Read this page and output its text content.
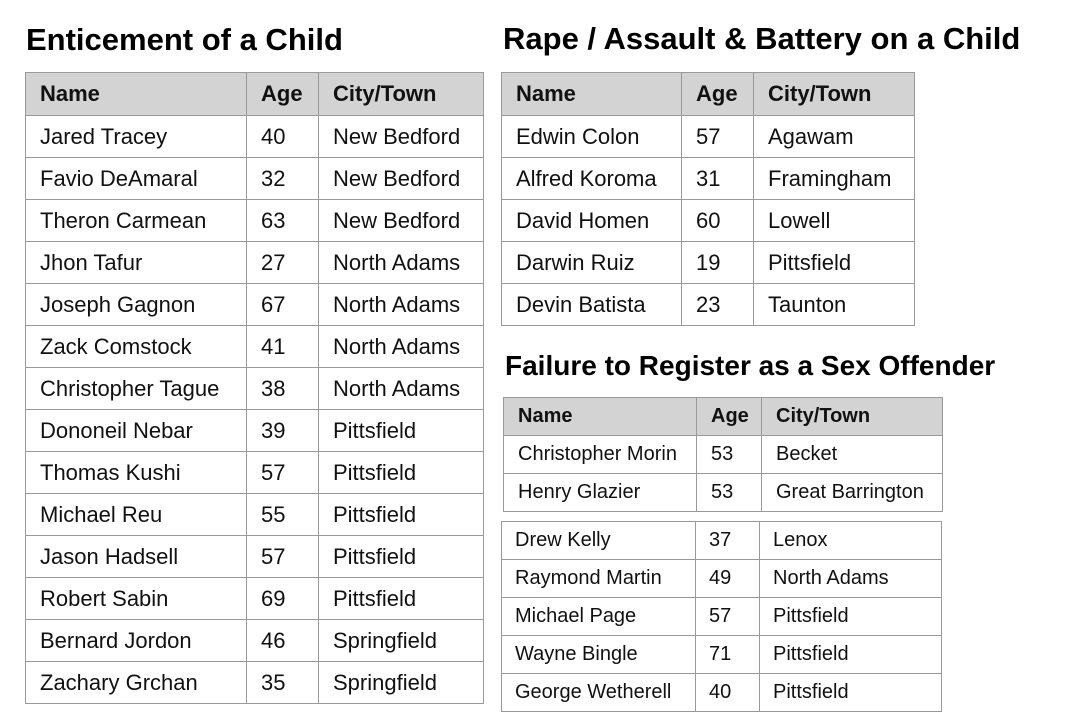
Enticement of a Child	Rape / Assault & Battery on a Child
Failure to Register as a Sex Offender
Name	Age	City/Town
Jared Tracey	40	New Bedford
Favio DeAmaral	32	New Bedford
Theron Carmean	63	New Bedford
Jhon Tafur	27	North Adams
Joseph Gagnon	67	North Adams
Zack Comstock	41	North Adams
Christopher Tague	38	North Adams
Dononeil Nebar	39	Pittsfield
Thomas Kushi	57	Pittsfield
Michael Reu	55	Pittsfield
Jason Hadsell	57	Pittsfield
Robert Sabin	69	Pittsfield
Bernard Jordon	46	Springfield
Zachary Grchan	35	Springfield
Name	Age	City/Town
Edwin Colon	57	Agawam
Alfred Koroma	31	Framingham
David Homen	60	Lowell
Darwin Ruiz	19	Pittsfield
Devin Batista	23	Taunton
Name	Age	City/Town
Christopher Morin	53	Becket
Henry Glazier	53	Great Barrington
Drew Kelly	37	Lenox
Raymond Martin	49	North Adams
Michael Page	57	Pittsfield
Wayne Bingle	71	Pittsfield
George Wetherell	40	Pittsfield
